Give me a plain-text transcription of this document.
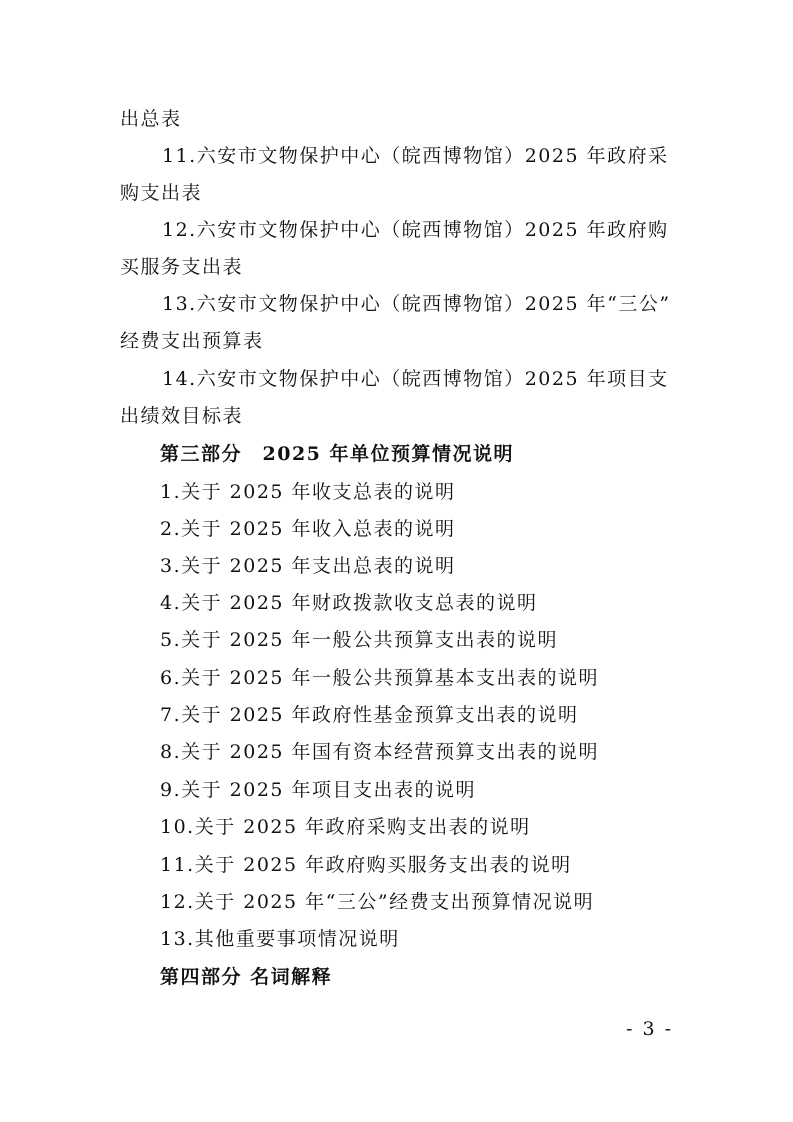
出总表
11.六安市文物保护中心（皖西博物馆）2025 年政府采
购支出表
12.六安市文物保护中心（皖西博物馆）2025 年政府购
买服务支出表
13.六安市文物保护中心（皖西博物馆）2025 年“三公”
经费支出预算表
14.六安市文物保护中心（皖西博物馆）2025 年项目支
出绩效目标表
第三部分　2025 年单位预算情况说明
1.关于 2025 年收支总表的说明
2.关于 2025 年收入总表的说明
3.关于 2025 年支出总表的说明
4.关于 2025 年财政拨款收支总表的说明
5.关于 2025 年一般公共预算支出表的说明
6.关于 2025 年一般公共预算基本支出表的说明
7.关于 2025 年政府性基金预算支出表的说明
8.关于 2025 年国有资本经营预算支出表的说明
9.关于 2025 年项目支出表的说明
10.关于 2025 年政府采购支出表的说明
11.关于 2025 年政府购买服务支出表的说明
12.关于 2025 年“三公”经费支出预算情况说明
13.其他重要事项情况说明
第四部分 名词解释
- 3 -
